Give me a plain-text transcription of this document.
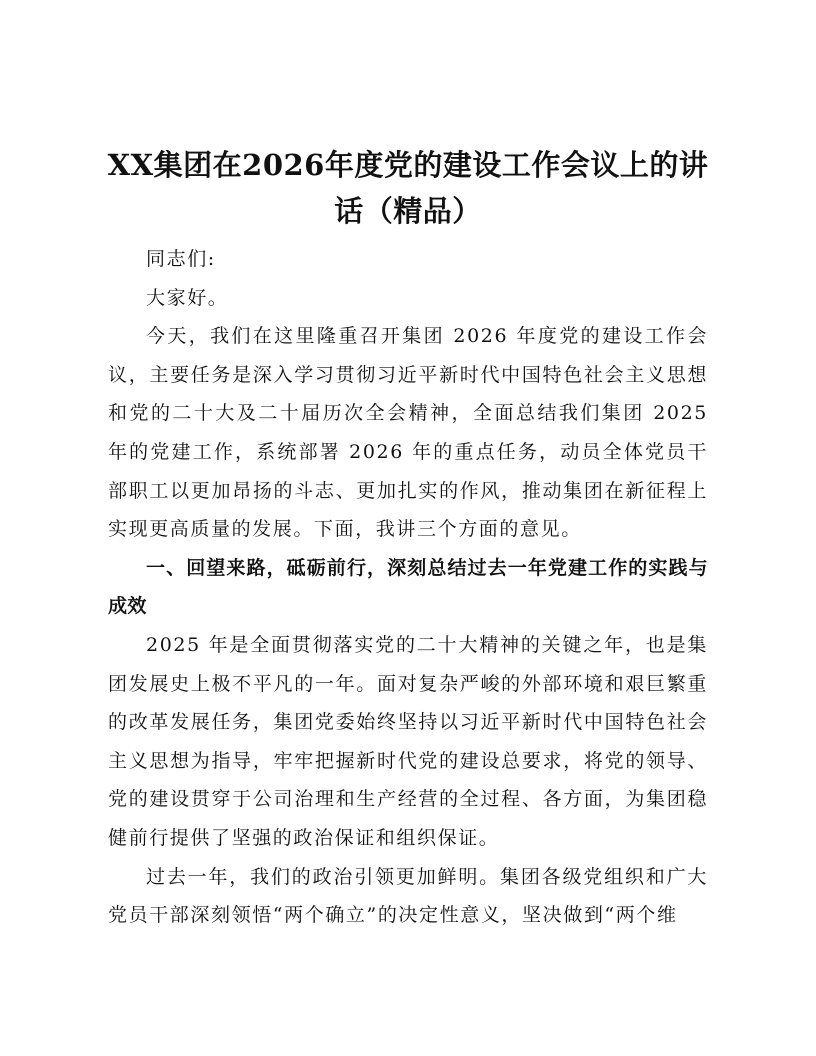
XX集团在2026年度党的建设工作会议上的讲话（精品）

同志们:

大家好。

今天，我们在这里隆重召开集团 2026 年度党的建设工作会议，主要任务是深入学习贯彻习近平新时代中国特色社会主义思想和党的二十大及二十届历次全会精神，全面总结我们集团 2025 年的党建工作，系统部署 2026 年的重点任务，动员全体党员干部职工以更加昂扬的斗志、更加扎实的作风，推动集团在新征程上实现更高质量的发展。下面，我讲三个方面的意见。

一、回望来路，砥砺前行，深刻总结过去一年党建工作的实践与成效

2025 年是全面贯彻落实党的二十大精神的关键之年，也是集团发展史上极不平凡的一年。面对复杂严峻的外部环境和艰巨繁重的改革发展任务，集团党委始终坚持以习近平新时代中国特色社会主义思想为指导，牢牢把握新时代党的建设总要求，将党的领导、党的建设贯穿于公司治理和生产经营的全过程、各方面，为集团稳健前行提供了坚强的政治保证和组织保证。

过去一年，我们的政治引领更加鲜明。集团各级党组织和广大党员干部深刻领悟“两个确立”的决定性意义，坚决做到“两个维
